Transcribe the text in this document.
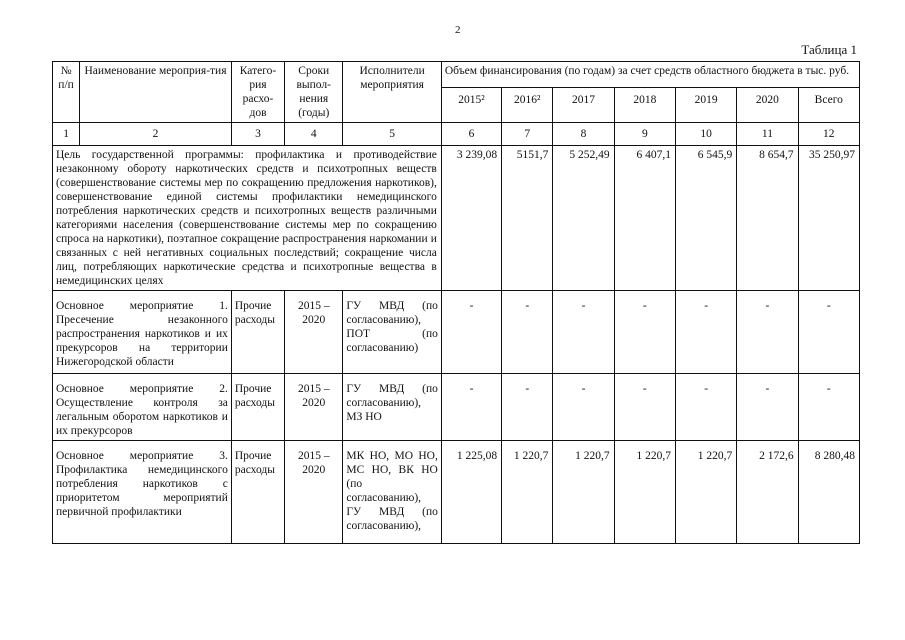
2
Таблица 1
№ п/п	Наименование мероприя-тия	Катего-рия расхо-дов	Сроки выпол-нения (годы)	Исполнители мероприятия	Объем финансирования (по годам) за счет средств областного бюджета в тыс. руб.						
					2015²	2016²	2017	2018	2019	2020	Всего
1	2	3	4	5	6	7	8	9	10	11	12
Цель государственной программы: профилактика и противодействие незаконному обороту наркотических средств и психотропных веществ (совершенствование системы мер по сокращению предложения наркотиков), совершенствование единой системы профилактики немедицинского потребления наркотических средств и психотропных веществ различными категориями населения (совершенствование системы мер по сокращению спроса на наркотики), поэтапное сокращение распространения наркомании и связанных с ней негативных социальных последствий; сокращение числа лиц, потребляющих наркотические средства и психотропные вещества в немедицинских целях					3 239,08	5151,7	5 252,49	6 407,1	6 545,9	8 654,7	35 250,97
Основное мероприятие 1. Пресечение незаконного распространения наркотиков и их прекурсоров на территории Нижегородской области		Прочие расходы	2015 – 2020	ГУ МВД (по согласованию), ПОТ (по согласованию)	-	-	-	-	-	-	-
Основное мероприятие 2. Осуществление контроля за легальным оборотом наркотиков и их прекурсоров		Прочие расходы	2015 – 2020	ГУ МВД (по согласованию), МЗ НО	-	-	-	-	-	-	-
Основное мероприятие 3. Профилактика немедицинского потребления наркотиков с приоритетом мероприятий первичной профилактики		Прочие расходы	2015 – 2020	МК НО, МО НО, МС НО, ВК НО (по согласованию), ГУ МВД (по согласованию),	1 225,08	1 220,7	1 220,7	1 220,7	1 220,7	2 172,6	8 280,48
